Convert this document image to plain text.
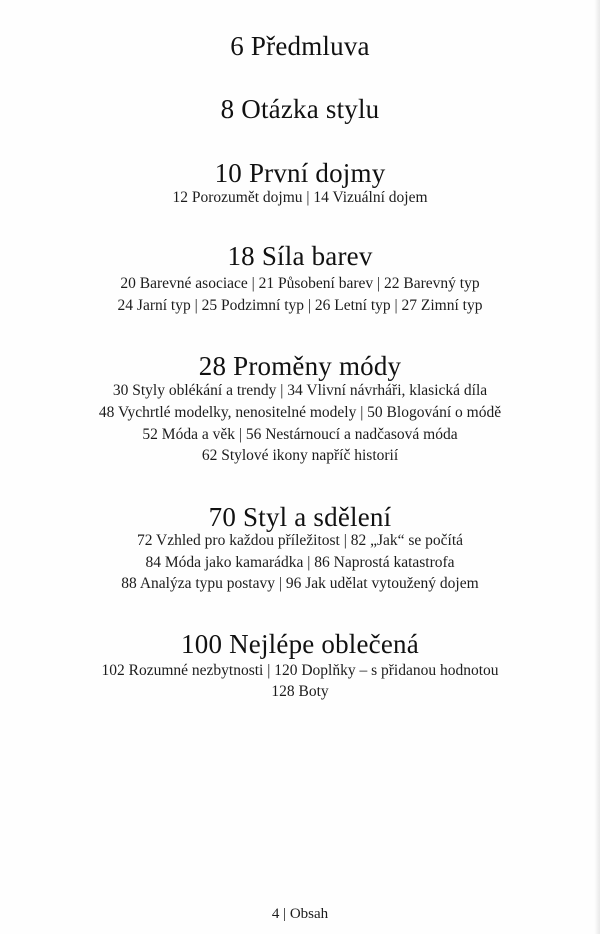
6 Předmluva
8 Otázka stylu
10 První dojmy
12 Porozumět dojmu | 14 Vizuální dojem
18 Síla barev
20 Barevné asociace | 21 Působení barev | 22 Barevný typ
24 Jarní typ | 25 Podzimní typ | 26 Letní typ | 27 Zimní typ
28 Proměny módy
30 Styly oblékání a trendy | 34 Vlivní návrháři, klasická díla
48 Vychrtlé modelky, nenositelné modely | 50 Blogování o módě
52 Móda a věk | 56 Nestárnoucí a nadčasová móda
62 Stylové ikony napříč historií
70 Styl a sdělení
72 Vzhled pro každou příležitost | 82 „Jak“ se počítá
84 Móda jako kamarádka | 86 Naprostá katastrofa
88 Analýza typu postavy | 96 Jak udělat vytoužený dojem
100 Nejlépe oblečená
102 Rozumné nezbytnosti | 120 Doplňky – s přidanou hodnotou
128 Boty
4 | Obsah
